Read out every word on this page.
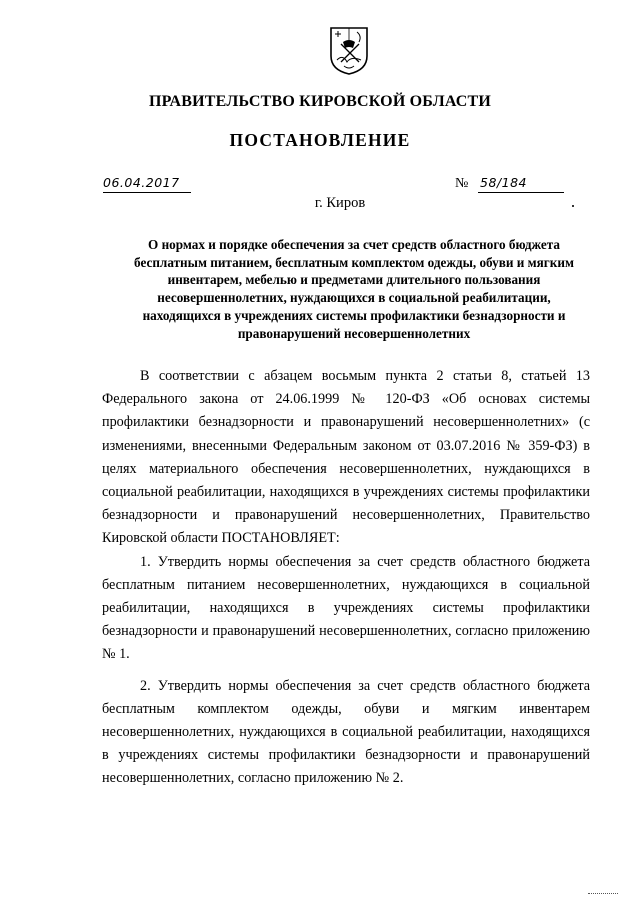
ПРАВИТЕЛЬСТВО КИРОВСКОЙ ОБЛАСТИ
ПОСТАНОВЛЕНИЕ
06.04.2017	№ 58/184
г. Киров
О нормах и порядке обеспечения за счет средств областного бюджета бесплатным питанием, бесплатным комплектом одежды, обуви и мягким инвентарем, мебелью и предметами длительного пользования несовершеннолетних, нуждающихся в социальной реабилитации, находящихся в учреждениях системы профилактики безнадзорности и правонарушений несовершеннолетних

В соответствии с абзацем восьмым пункта 2 статьи 8, статьей 13 Федерального закона от 24.06.1999 № 120-ФЗ «Об основах системы профилактики безнадзорности и правонарушений несовершеннолетних» (с изменениями, внесенными Федеральным законом от 03.07.2016 № 359-ФЗ) в целях материального обеспечения несовершеннолетних, нуждающихся в социальной реабилитации, находящихся в учреждениях системы профилактики безнадзорности и правонарушений несовершеннолетних, Правительство Кировской области ПОСТАНОВЛЯЕТ:

1. Утвердить нормы обеспечения за счет средств областного бюджета бесплатным питанием несовершеннолетних, нуждающихся в социальной реабилитации, находящихся в учреждениях системы профилактики безнадзорности и правонарушений несовершеннолетних, согласно приложению № 1.

2. Утвердить нормы обеспечения за счет средств областного бюджета бесплатным комплектом одежды, обуви и мягким инвентарем несовершеннолетних, нуждающихся в социальной реабилитации, находящихся в учреждениях системы профилактики безнадзорности и правонарушений несовершеннолетних, согласно приложению № 2.
